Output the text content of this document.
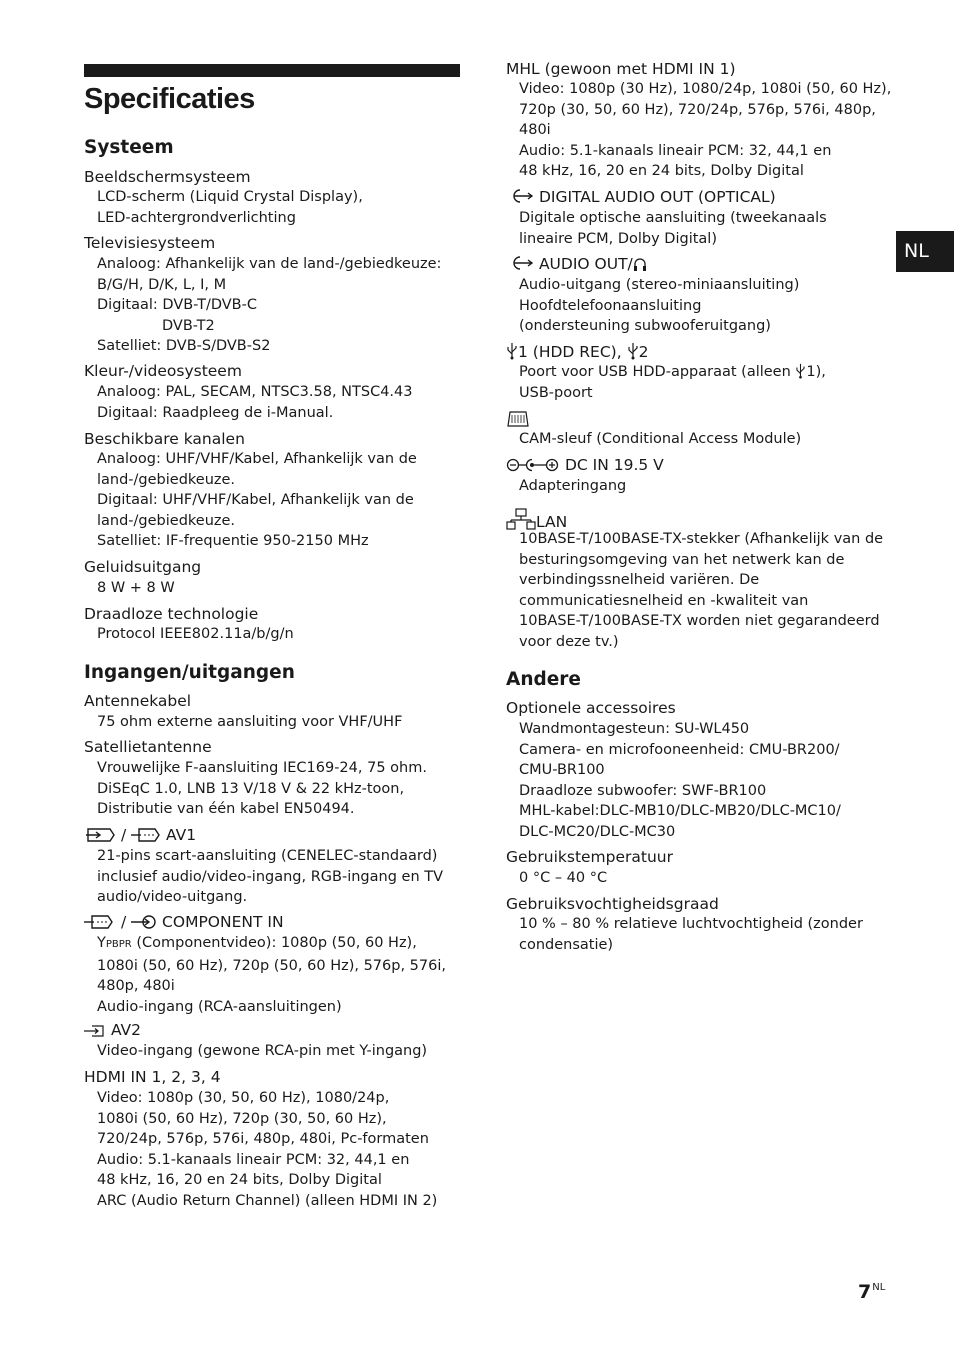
Specificaties
Systeem
Beeldschermsysteem
LCD-scherm (Liquid Crystal Display),
LED-achtergrondverlichting
Televisiesysteem
Analoog: Afhankelijk van de land-/gebiedkeuze:
B/G/H, D/K, L, I, M
Digitaal: DVB-T/DVB-C
DVB-T2
Satelliet: DVB-S/DVB-S2
Kleur-/videosysteem
Analoog: PAL, SECAM, NTSC3.58, NTSC4.43
Digitaal: Raadpleeg de i-Manual.
Beschikbare kanalen
Analoog: UHF/VHF/Kabel, Afhankelijk van de
land-/gebiedkeuze.
Digitaal: UHF/VHF/Kabel, Afhankelijk van de
land-/gebiedkeuze.
Satelliet: IF-frequentie 950-2150 MHz
Geluidsuitgang
8 W + 8 W
Draadloze technologie
Protocol IEEE802.11a/b/g/n
Ingangen/uitgangen
Antennekabel
75 ohm externe aansluiting voor VHF/UHF
Satellietantenne
Vrouwelijke F-aansluiting IEC169-24, 75 ohm.
DiSEqC 1.0, LNB 13 V/18 V & 22 kHz-toon,
Distributie van één kabel EN50494.
/	AV1
21-pins scart-aansluiting (CENELEC-standaard)
inclusief audio/video-ingang, RGB-ingang en TV
audio/video-uitgang.
/ COMPONENT IN
YPBPR (Componentvideo): 1080p (50, 60 Hz),
1080i (50, 60 Hz), 720p (50, 60 Hz), 576p, 576i,
480p, 480i
Audio-ingang (RCA-aansluitingen)
AV2
Video-ingang (gewone RCA-pin met Y-ingang)
HDMI IN 1, 2, 3, 4
Video: 1080p (30, 50, 60 Hz), 1080/24p,
1080i (50, 60 Hz), 720p (30, 50, 60 Hz),
720/24p, 576p, 576i, 480p, 480i, Pc-formaten
Audio: 5.1-kanaals lineair PCM: 32, 44,1 en
48 kHz, 16, 20 en 24 bits, Dolby Digital
ARC (Audio Return Channel) (alleen HDMI IN 2)
MHL (gewoon met HDMI IN 1)
Video: 1080p (30 Hz), 1080/24p, 1080i (50, 60 Hz),
720p (30, 50, 60 Hz), 720/24p, 576p, 576i, 480p,
480i
Audio: 5.1-kanaals lineair PCM: 32, 44,1 en
48 kHz, 16, 20 en 24 bits, Dolby Digital
DIGITAL AUDIO OUT (OPTICAL)
Digitale optische aansluiting (tweekanaals
lineaire PCM, Dolby Digital)
AUDIO OUT/
Audio-uitgang (stereo-miniaansluiting)
Hoofdtelefoonaansluiting
(ondersteuning subwooferuitgang)
1 (HDD REC), 2
Poort voor USB HDD-apparaat (alleen 1),
USB-poort
CAM-sleuf (Conditional Access Module)
DC IN 19.5 V
Adapteringang
LAN
10BASE-T/100BASE-TX-stekker (Afhankelijk van de
besturingsomgeving van het netwerk kan de
verbindingssnelheid variëren. De
communicatiesnelheid en -kwaliteit van
10BASE-T/100BASE-TX worden niet gegarandeerd
voor deze tv.)
Andere
Optionele accessoires
Wandmontagesteun: SU-WL450
Camera- en microfooneenheid: CMU-BR200/
CMU-BR100
Draadloze subwoofer: SWF-BR100
MHL-kabel:DLC-MB10/DLC-MB20/DLC-MC10/
DLC-MC20/DLC-MC30
Gebruikstemperatuur
0 °C – 40 °C
Gebruiksvochtigheidsgraad
10 % – 80 % relatieve luchtvochtigheid (zonder
condensatie)
NL
$7^{NL}$
